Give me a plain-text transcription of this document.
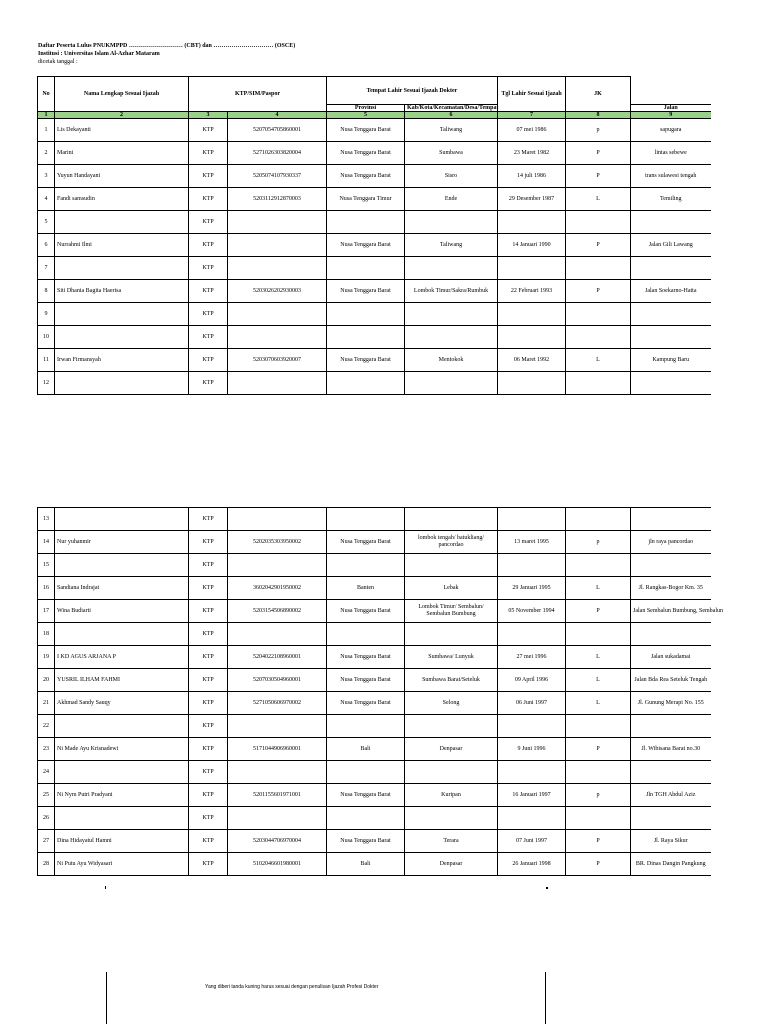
Daftar Peserta Lulus PNUKMPPD ……………………… (CBT) dan ………………………… (OSCE)
Institusi : Universitas Islam Al-Azhar Mataram
dicetak tanggal :
No	Nama Lengkap Sesuai Ijazah	KTP/SIM/Paspor		Tempat Lahir Sesuai Ijazah Dokter		Tgl Lahir Sesuai Ijazah	JK	
				Provinsi	Kab/Kota/Kecamatan/Desa/Tempat			Jalan
1	2	3	4	5	6	7	8	9
1	Lis Dekayanti	KTP	5207054705860001	Nusa Tenggara Barat	Taliwang	07 mei 1986	p	sapugara
2	Marini	KTP	5271026303820004	Nusa Tenggara Barat	Sumbawa	23 Maret 1982	P	lintas sebewe
3	Yuyun Handayani	KTP	5205074107930337	Nusa Tenggara Barat	Sisro	14 juli 1986	P	trans sulawesi tengah
4	Fandi samsudin	KTP	5203112912870003	Nusa Tenggara Timur	Ende	29 Desember 1987	L	Temiling
5		KTP						
6	Nurrahmi Ilmi	KTP		Nusa Tenggara Barat	Taliwang	14 Januari 1990	P	Jalan Gili Lawang
7		KTP						
8	Siti Dhania Bagita Haerisa	KTP	5203026202930003	Nusa Tenggara Barat	Lombok Timur/Sakra/Rumbuk	22 Februari 1993	P	Jalan Soekarno-Hatta
9		KTP						
10		KTP						
11	Irwan Firmansyah	KTP	5203070603920007	Nusa Tenggara Barat	Mentokok	06 Maret 1992	L	Kampung Baru
12		KTP						
13		KTP						
14	Nur yuhanmir	KTP	5202035303950002	Nusa Tenggara Barat	lombok tengah/ batukliang/ pancordao	13 maret 1995	p	jln raya pancordao
15		KTP						
16	Sandiana Indrajat	KTP	3602042901950002	Banten	Lebak	29 Januari 1995	L	Jl. Rangkas-Bogor Km. 35
17	Wina Budiarti	KTP	5203154506890002	Nusa Tenggara Barat	Lombok Timur/ Sembalun/ Sembalun Bumbung	05 November 1994	P	Jalan Sembalun Bumbung, Sembalun
18		KTP						
19	I KD AGUS ARJANA P	KTP	5204022108960001	Nusa Tenggara Barat	Sumbawa/ Lunyuk	27 mei 1996	L	Jalan sukadamai
20	YUSRIL ILHAM FAHMI	KTP	5207030504960001	Nusa Tenggara Barat	Sumbawa Barat/Seteluk	09 April 1996	L	Jalan Bda Rea Seteluk Tengah
21	Akhmad Sandy Sauqy	KTP	5271050606970002	Nusa Tenggara Barat	Selong	06 Juni 1997	L	Jl. Gunung Merapi No. 155
22		KTP						
23	Ni Made Ayu Krisnadewi	KTP	5171044906960001	Bali	Denpasar	9 Juni 1996	P	Jl. Wibisana Barat no.30
24		KTP						
25	Ni Nym Putri Pradyani	KTP	5201155601971001	Nusa Tenggara Barat	Kuripan	16 Januari 1997	p	Jln TGH Abdul Aziz
26		KTP						
27	Dina Hidayatul Hamni	KTP	5203044706970004	Nusa Tenggara Barat	Terara	07 Juni 1997	P	Jl. Raya Sikur
28	Ni Putu Ayu Widyasari	KTP	5102046601980001	Bali	Denpasar	26 Januari 1998	P	BR. Dinas Dangin Pangkung
Yang diberi tanda kuning harus sesuai dengan penulisan Ijazah Profesi Dokter
